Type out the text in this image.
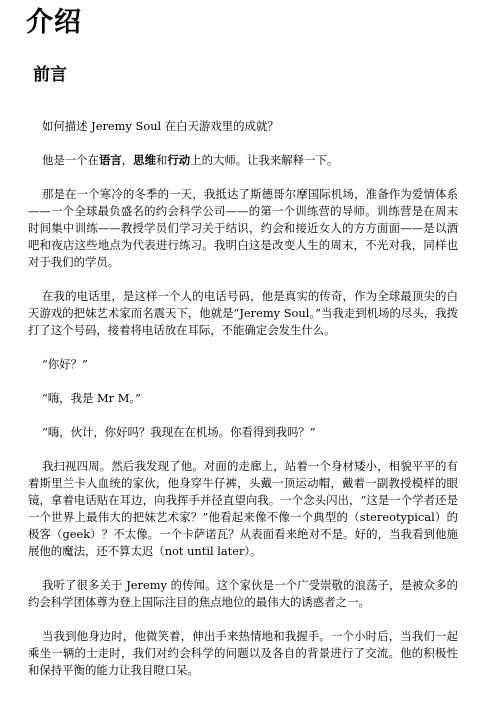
介绍
前言

如何描述 Jeremy Soul 在白天游戏里的成就？

他是一个在语言，思维和行动上的大师。让我来解释一下。

那是在一个寒冷的冬季的一天，我抵达了斯德哥尔摩国际机场，准备作为爱情体系——一个全球最负盛名的约会科学公司——的第一个训练营的导师。训练营是在周末时间集中训练——教授学员们学习关于结识，约会和接近女人的方方面面——是以酒吧和夜店这些地点为代表进行练习。我明白这是改变人生的周末，不光对我，同样也对于我们的学员。

在我的电话里，是这样一个人的电话号码，他是真实的传奇，作为全球最顶尖的白天游戏的把妹艺术家而名震天下，他就是“Jeremy Soul。”当我走到机场的尽头，我拨打了这个号码，接着将电话放在耳际，不能确定会发生什么。

“你好？”

“嗨，我是 Mr M。”

“嗨，伙计，你好吗？我现在在机场。你看得到我吗？”

我扫视四周。然后我发现了他。对面的走廊上，站着一个身材矮小，相貌平平的有着斯里兰卡人血统的家伙，他身穿牛仔裤，头戴一顶运动帽，戴着一副教授模样的眼镜，拿着电话贴在耳边，向我挥手并径直望向我。一个念头闪出，“这是一个学者还是一个世界上最伟大的把妹艺术家？”他看起来像不像一个典型的（stereotypical）的极客（geek）？不太像。一个卡萨诺瓦？从表面看来绝对不是。好的，当我看到他施展他的魔法，还不算太迟（not until later）。

我听了很多关于 Jeremy 的传闻。这个家伙是一个广受崇敬的浪荡子，是被众多的约会科学团体尊为登上国际注目的焦点地位的最伟大的诱惑者之一。

当我到他身边时，他微笑着，伸出手来热情地和我握手。一个小时后，当我们一起乘坐一辆的士走时，我们对约会科学的问题以及各自的背景进行了交流。他的积极性和保持平衡的能力让我目瞪口呆。
